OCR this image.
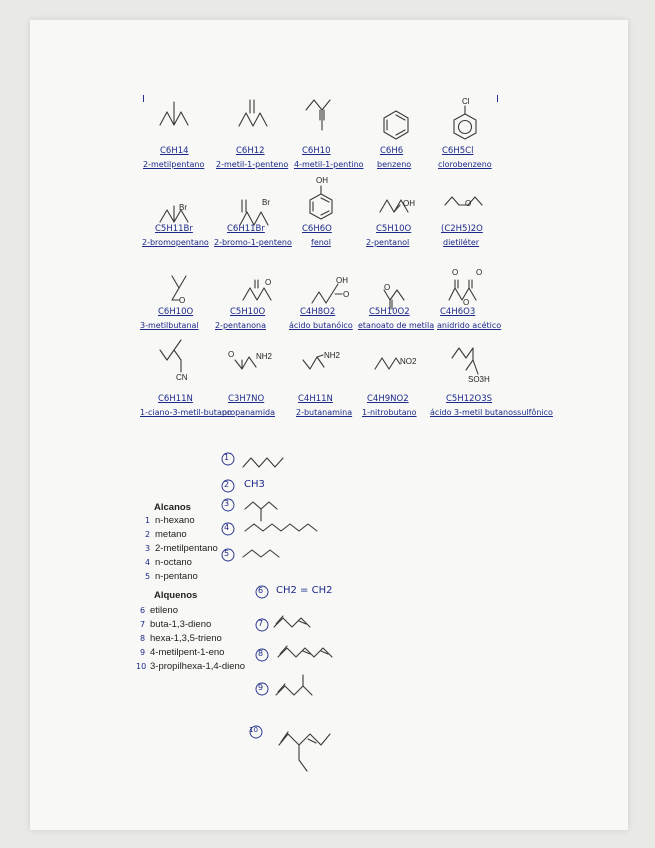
I	I
Cl
Br
Br
OH
OH	O
O
O	OH
O
O
O O
O
CN
O	NH2	NH2
NO2
SO3H
C6H14
2-metilpentano
C6H12
2-metil-1-penteno
C6H10
4-metil-1-pentino
C6H6
benzeno
C6H5Cl
clorobenzeno
C5H11Br
2-bromopentano
C6H11Br
2-bromo-1-penteno
C6H6O
fenol
C5H10O
2-pentanol
(C2H5)2O
dietiléter
C6H10O
3-metilbutanal
C5H10O
2-pentanona
C4H8O2
ácido butanóico
C5H10O2
etanoato de metila
C4H6O3
anidrido acético
C6H11N
1-ciano-3-metil-butano
C3H7NO
propanamida
C4H11N
2-butanamina
C4H9NO2
1-nitrobutano
C5H12O3S
ácido 3-metil butanossulfônico
1
2
3
4
5
6
7
8
9
10
CH3
CH2 = CH2
Alcanos
1 n-hexano
2 metano
3 2-metilpentano
4 n-octano
5 n-pentano
Alquenos
6 etileno
7 buta-1,3-dieno
8 hexa-1,3,5-trieno
9 4-metilpent-1-eno
10 3-propilhexa-1,4-dieno
